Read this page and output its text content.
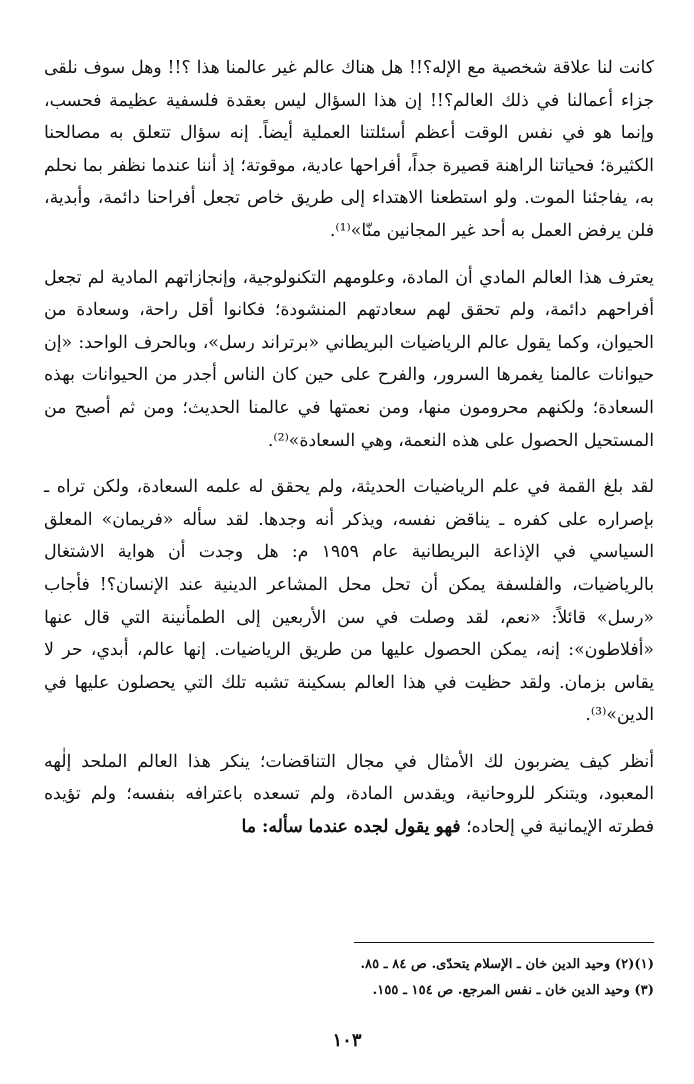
كانت لنا علاقة شخصية مع الإله؟!! هل هناك عالم غير عالمنا هذا ؟!! وهل سوف نلقى جزاء أعمالنا في ذلك العالم؟!! إن هذا السؤال ليس بعقدة فلسفية عظيمة فحسب، وإنما هو في نفس الوقت أعظم أسئلتنا العملية أيضاً. إنه سؤال تتعلق به مصالحنا الكثيرة؛ فحياتنا الراهنة قصيرة جداً، أفراحها عادية، موقوتة؛ إذ أننا عندما نظفر بما نحلم به، يفاجئنا الموت. ولو استطعنا الاهتداء إلى طريق خاص تجعل أفراحنا دائمة، وأبدية، فلن يرفض العمل به أحد غير المجانين منّا»⁽¹⁾.

يعترف هذا العالم المادي أن المادة، وعلومهم التكنولوجية، وإنجازاتهم المادية لم تجعل أفراحهم دائمة، ولم تحقق لهم سعادتهم المنشودة؛ فكانوا أقل راحة، وسعادة من الحيوان، وكما يقول عالم الرياضيات البريطاني «برتراند رسل»، وبالحرف الواحد: «إن حيوانات عالمنا يغمرها السرور، والفرح على حين كان الناس أجدر من الحيوانات بهذه السعادة؛ ولكنهم محرومون منها، ومن نعمتها في عالمنا الحديث؛ ومن ثم أصبح من المستحيل الحصول على هذه النعمة، وهي السعادة»⁽²⁾.

لقد بلغ القمة في علم الرياضيات الحديثة، ولم يحقق له علمه السعادة، ولكن تراه ـ بإصراره على كفره ـ يناقض نفسه، ويذكر أنه وجدها. لقد سأله «فريمان» المعلق السياسي في الإذاعة البريطانية عام ١٩٥٩ م: هل وجدت أن هواية الاشتغال بالرياضيات، والفلسفة يمكن أن تحل محل المشاعر الدينية عند الإنسان؟! فأجاب «رسل» قائلاً: «نعم، لقد وصلت في سن الأربعين إلى الطمأنينة التي قال عنها «أفلاطون»: إنه، يمكن الحصول عليها من طريق الرياضيات. إنها عالم، أبدي، حر لا يقاس بزمان. ولقد حظيت في هذا العالم بسكينة تشبه تلك التي يحصلون عليها في الدين»⁽³⁾.

أنظر كيف يضربون لك الأمثال في مجال التناقضات؛ ينكر هذا العالم الملحد إلٰهه المعبود، ويتنكر للروحانية، ويقدس المادة، ولم تسعده باعترافه بنفسه؛ ولم تؤيده فطرته الإيمانية في إلحاده؛ فهو يقول لجده عندما سأله: ما

(١)(٢) وحيد الدين خان ـ الإسلام يتحدّى. ص ٨٤ ـ ٨٥.

(٣) وحيد الدين خان ـ نفس المرجع. ص ١٥٤ ـ ١٥٥.

١٠٣
